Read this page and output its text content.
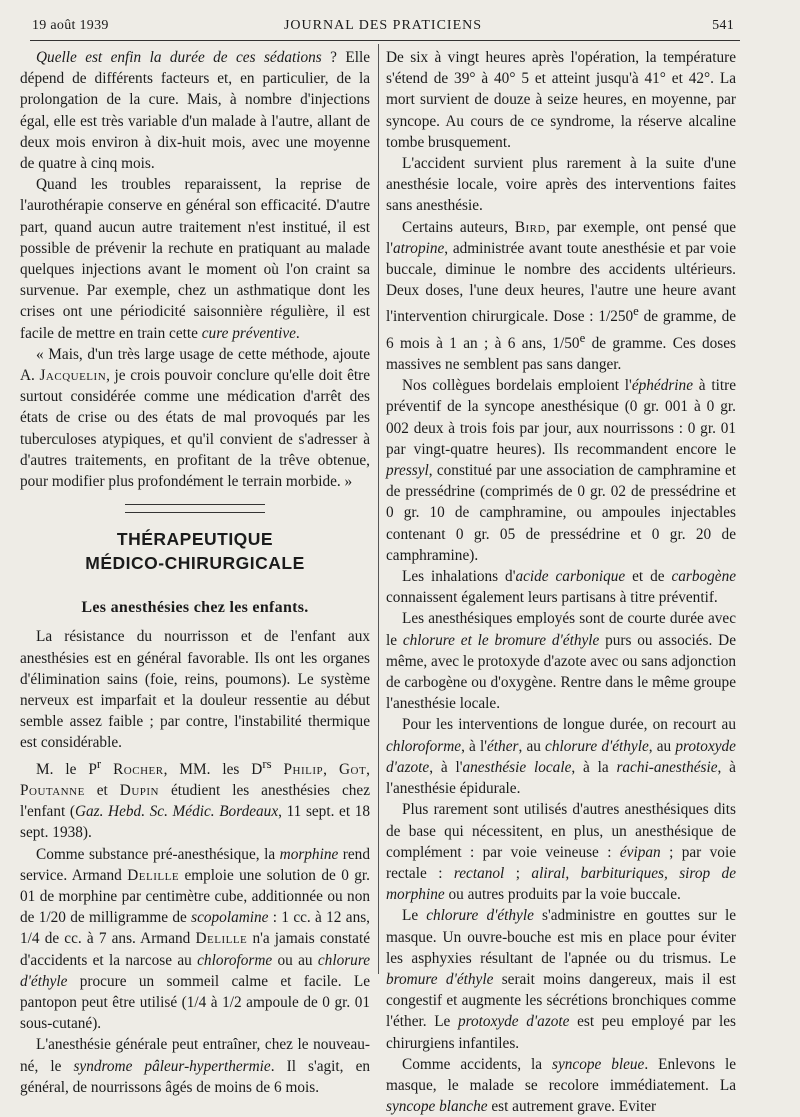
19 août 1939	JOURNAL DES PRATICIENS	541

Quelle est enfin la durée de ces sédations ? Elle dépend de différents facteurs et, en particulier, de la prolongation de la cure. Mais, à nombre d'injections égal, elle est très variable d'un malade à l'autre, allant de deux mois environ à dix-huit mois, avec une moyenne de quatre à cinq mois.

Quand les troubles reparaissent, la reprise de l'aurothérapie conserve en général son efficacité. D'autre part, quand aucun autre traitement n'est institué, il est possible de prévenir la rechute en pratiquant au malade quelques injections avant le moment où l'on craint sa survenue. Par exemple, chez un asthmatique dont les crises ont une périodicité saisonnière régulière, il est facile de mettre en train cette cure préventive.

« Mais, d'un très large usage de cette méthode, ajoute A. Jacquelin, je crois pouvoir conclure qu'elle doit être surtout considérée comme une médication d'arrêt des états de crise ou des états de mal provoqués par les tuberculoses atypiques, et qu'il convient de s'adresser à d'autres traitements, en profitant de la trêve obtenue, pour modifier plus profondément le terrain morbide. »

THÉRAPEUTIQUE
MÉDICO-CHIRURGICALE
Les anesthésies chez les enfants.

La résistance du nourrisson et de l'enfant aux anesthésies est en général favorable. Ils ont les organes d'élimination sains (foie, reins, poumons). Le système nerveux est imparfait et la douleur ressentie au début semble assez faible ; par contre, l'instabilité thermique est considérable.

M. le $P^r$ Rocher, MM. les $D^{rs}$ Philip, Got, Poutanne et Dupin étudient les anesthésies chez l'enfant (Gaz. Hebd. Sc. Médic. Bordeaux, 11 sept. et 18 sept. 1938).

Comme substance pré-anesthésique, la morphine rend service. Armand Delille emploie une solution de 0 gr. 01 de morphine par centimètre cube, additionnée ou non de 1/20 de milligramme de scopolamine : 1 cc. à 12 ans, 1/4 de cc. à 7 ans. Armand Delille n'a jamais constaté d'accidents et la narcose au chloroforme ou au chlorure d'éthyle procure un sommeil calme et facile. Le pantopon peut être utilisé (1/4 à 1/2 ampoule de 0 gr. 01 sous-cutané).

L'anesthésie générale peut entraîner, chez le nouveau-né, le syndrome pâleur-hyperthermie. Il s'agit, en général, de nourrissons âgés de moins de 6 mois.

De six à vingt heures après l'opération, la température s'étend de 39° à 40° 5 et atteint jusqu'à 41° et 42°. La mort survient de douze à seize heures, en moyenne, par syncope. Au cours de ce syndrome, la réserve alcaline tombe brusquement.

L'accident survient plus rarement à la suite d'une anesthésie locale, voire après des interventions faites sans anesthésie.

Certains auteurs, Bird, par exemple, ont pensé que l'atropine, administrée avant toute anesthésie et par voie buccale, diminue le nombre des accidents ultérieurs. Deux doses, l'une deux heures, l'autre une heure avant l'intervention chirurgicale. Dose : 1/250e de gramme, de 6 mois à 1 an ; à 6 ans, 1/50e de gramme. Ces doses massives ne semblent pas sans danger.

Nos collègues bordelais emploient l'éphédrine à titre préventif de la syncope anesthésique (0 gr. 001 à 0 gr. 002 deux à trois fois par jour, aux nourrissons : 0 gr. 01 par vingt-quatre heures). Ils recommandent encore le pressyl, constitué par une association de camphramine et de pressédrine (comprimés de 0 gr. 02 de pressédrine et 0 gr. 10 de camphramine, ou ampoules injectables contenant 0 gr. 05 de pressédrine et 0 gr. 20 de camphramine).

Les inhalations d'acide carbonique et de carbogène connaissent également leurs partisans à titre préventif.

Les anesthésiques employés sont de courte durée avec le chlorure et le bromure d'éthyle purs ou associés. De même, avec le protoxyde d'azote avec ou sans adjonction de carbogène ou d'oxygène. Rentre dans le même groupe l'anesthésie locale.

Pour les interventions de longue durée, on recourt au chloroforme, à l'éther, au chlorure d'éthyle, au protoxyde d'azote, à l'anesthésie locale, à la rachi-anesthésie, à l'anesthésie épidurale.

Plus rarement sont utilisés d'autres anesthésiques dits de base qui nécessitent, en plus, un anesthésique de complément : par voie veineuse : évipan ; par voie rectale : rectanol ; aliral, barbituriques, sirop de morphine ou autres produits par la voie buccale.

Le chlorure d'éthyle s'administre en gouttes sur le masque. Un ouvre-bouche est mis en place pour éviter les asphyxies résultant de l'apnée ou du trismus. Le bromure d'éthyle serait moins dangereux, mais il est congestif et augmente les sécrétions bronchiques comme l'éther. Le protoxyde d'azote est peu employé par les chirurgiens infantiles.

Comme accidents, la syncope bleue. Enlevons le masque, le malade se recolore immédiatement. La syncope blanche est autrement grave. Eviter
